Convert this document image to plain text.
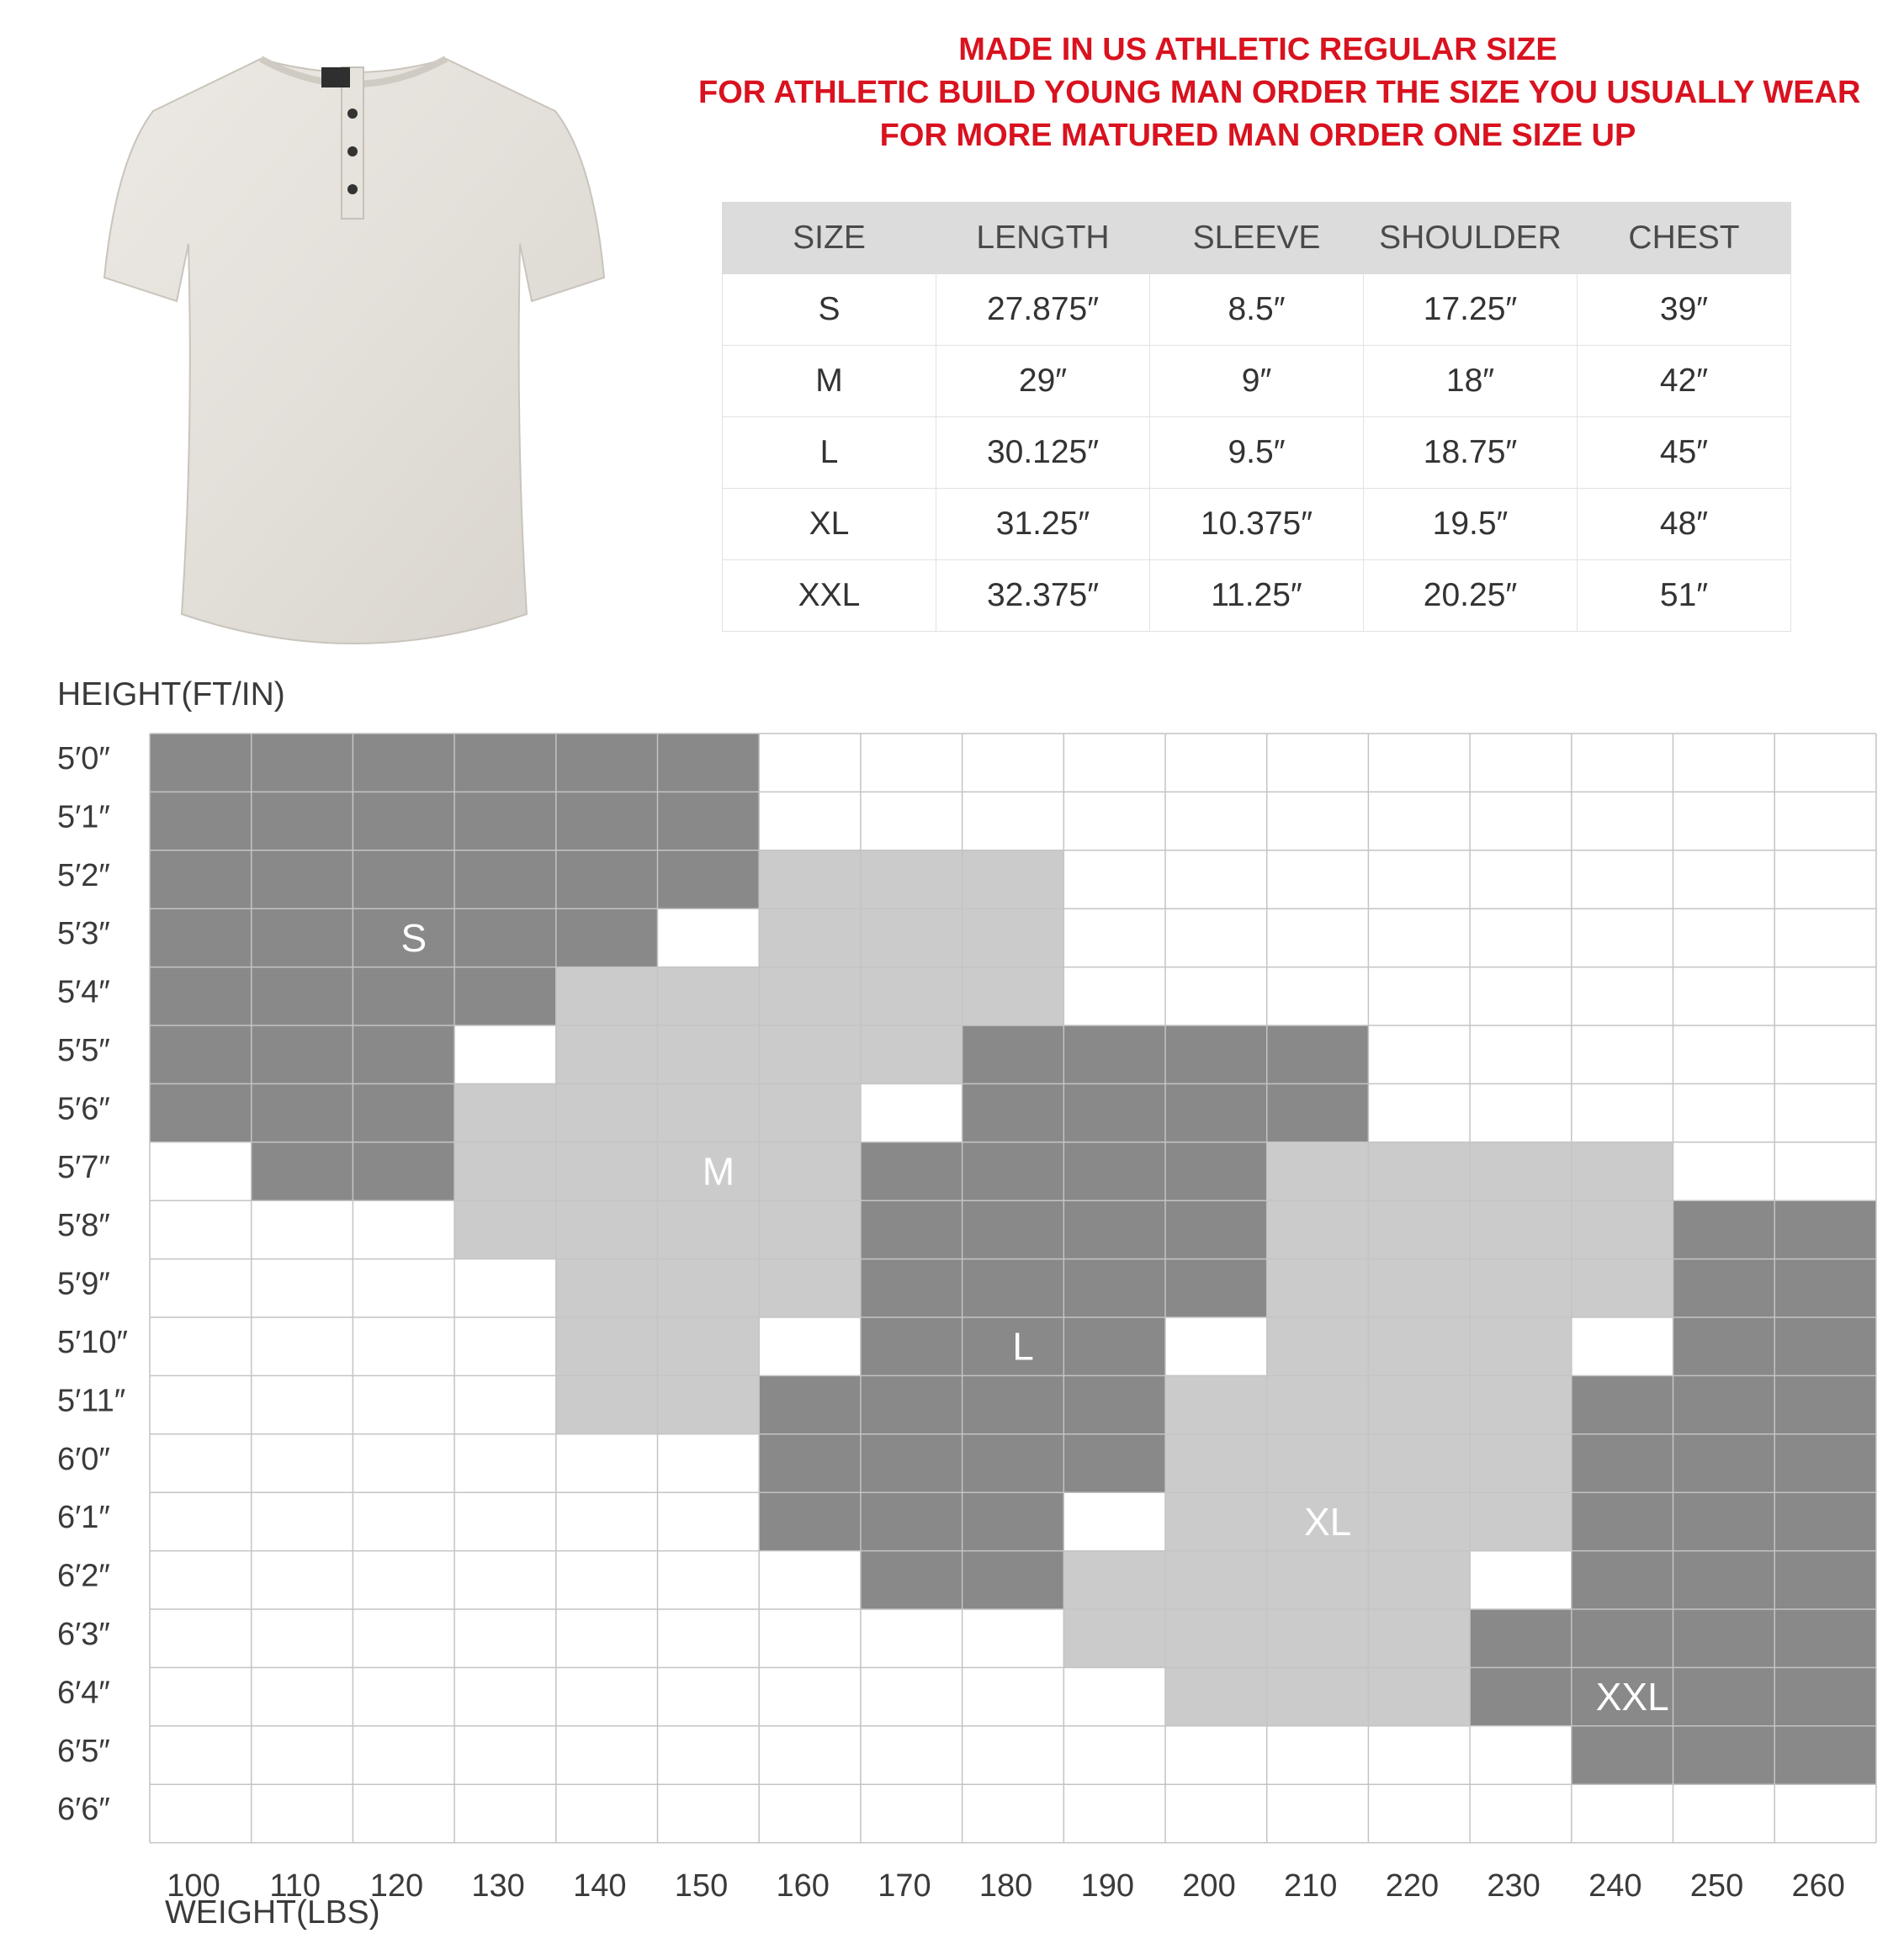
MADE IN US ATHLETIC REGULAR SIZE
FOR ATHLETIC BUILD YOUNG MAN ORDER THE SIZE YOU USUALLY WEAR
FOR MORE MATURED MAN ORDER ONE SIZE UP
SIZE	LENGTH	SLEEVE	SHOULDER	CHEST
S	27.875″	8.5″	17.25″	39″
M	29″	9″	18″	42″
L	30.125″	9.5″	18.75″	45″
XL	31.25″	10.375″	19.5″	48″
XXL	32.375″	11.25″	20.25″	51″
S
M
L
XL
XXL
5′0″
5′1″
5′2″
5′3″
5′4″
5′5″
5′6″
5′7″
5′8″
5′9″
5′10″
5′11″
6′0″
6′1″
6′2″
6′3″
6′4″
6′5″
6′6″
100 110 120 130 140 150 160 170 180 190 200 210 220 230 240 250 260
HEIGHT(FT/IN)
WEIGHT(LBS)
